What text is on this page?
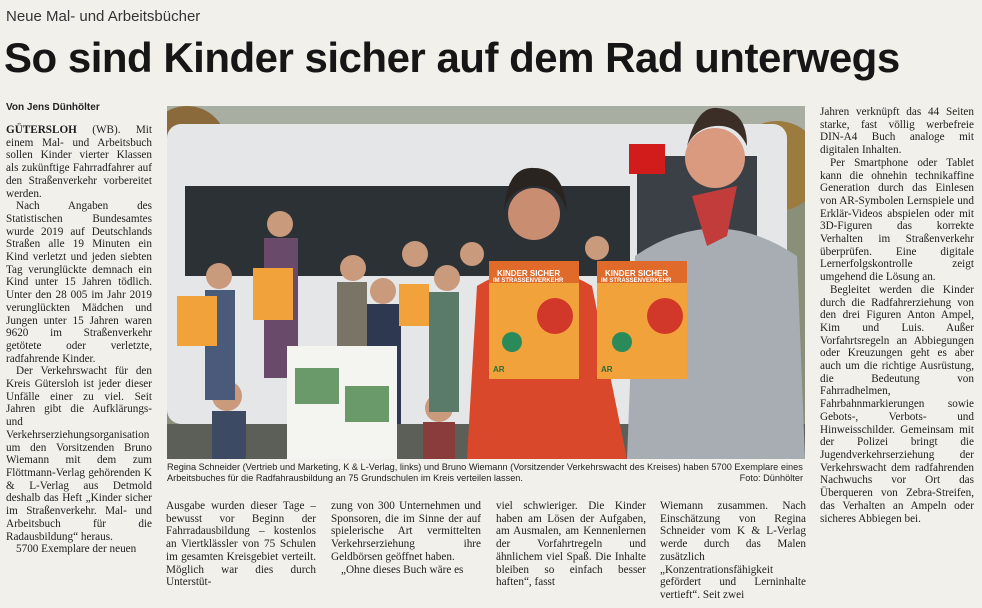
Neue Mal- und Arbeitsbücher
So sind Kinder sicher auf dem Rad unterwegs
Von Jens Dünhölter

GÜTERSLOH (WB). Mit einem Mal- und Arbeitsbuch sollen Kinder vierter Klassen als zukünftige Fahrradfahrer auf den Straßenverkehr vorbereitet werden.

Nach Angaben des Statistischen Bundesamtes wurde 2019 auf Deutschlands Straßen alle 19 Minuten ein Kind verletzt und jeden siebten Tag verunglückte demnach ein Kind unter 15 Jahren tödlich. Unter den 28 005 im Jahr 2019 verunglückten Mädchen und Jungen unter 15 Jahren waren 9620 im Straßenverkehr getötete oder verletzte, radfahrende Kinder.

Der Verkehrswacht für den Kreis Gütersloh ist jeder dieser Unfälle einer zu viel. Seit Jahren gibt die Aufklärungs- und Verkehrserziehungsorganisation um den Vorsitzenden Bruno Wiemann mit dem zum Flöttmann-Verlag gehörenden K & L-Verlag aus Detmold deshalb das Heft „Kinder sicher im Straßenverkehr. Mal- und Arbeitsbuch für die Radausbildung“ heraus.

5700 Exemplare der neuen

KINDER SICHER	KINDER SICHER
IM STRASSENVERKEHR	IM STRASSENVERKEHR
AR	AR
Regina Schneider (Vertrieb und Marketing, K & L-Verlag, links) und Bruno Wiemann (Vorsitzender Verkehrswacht des Kreises) haben 5700 Exemplare eines Arbeitsbuches für die Radfahrausbildung an 75 Grundschulen im Kreis verteilen lassen.	Foto: Dünhölter

Ausgabe wurden dieser Tage – bewusst vor Beginn der Fahrradausbildung – kostenlos an Viertklässler von 75 Schulen im gesamten Kreisgebiet verteilt. Möglich war dies durch Unterstüt-

zung von 300 Unternehmen und Sponsoren, die im Sinne der auf spielerische Art vermittelten Verkehrserziehung ihre Geldbörsen geöffnet haben.

„Ohne dieses Buch wäre es

viel schwieriger. Die Kinder haben am Lösen der Aufgaben, am Ausmalen, am Kennenlernen der Vorfahrtregeln und ähnlichem viel Spaß. Die Inhalte bleiben so einfach besser haften“, fasst

Wiemann zusammen. Nach Einschätzung von Regina Schneider vom K & L-Verlag werde durch das Malen zusätzlich „Konzentrationsfähigkeit gefördert und Lerninhalte vertieft“. Seit zwei

Jahren verknüpft das 44 Seiten starke, fast völlig werbefreie DIN-A4 Buch analoge mit digitalen Inhalten.

Per Smartphone oder Tablet kann die ohnehin technikaffine Generation durch das Einlesen von AR-Symbolen Lernspiele und Erklär-Videos abspielen oder mit 3D-Figuren das korrekte Verhalten im Straßenverkehr überprüfen. Eine digitale Lernerfolgskontrolle zeigt umgehend die Lösung an.

Begleitet werden die Kinder durch die Radfahrerziehung von den drei Figuren Anton Ampel, Kim und Luis. Außer Vorfahrtsregeln an Abbiegungen oder Kreuzungen geht es aber auch um die richtige Ausrüstung, die Bedeutung von Fahrradhelmen, Fahrbahnmarkierungen sowie Gebots-, Verbots- und Hinweisschilder. Gemeinsam mit der Polizei bringt die Jugendverkehrserziehung der Verkehrswacht dem radfahrenden Nachwuchs vor Ort das Überqueren von Zebra-Streifen, das Verhalten an Ampeln oder sicheres Abbiegen bei.
